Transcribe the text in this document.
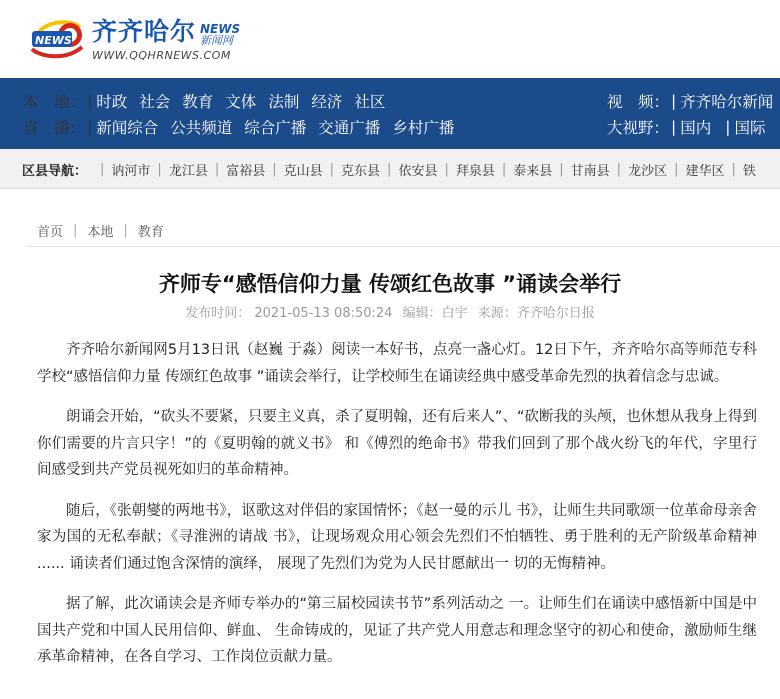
NEWS 齐齐哈尔 NEWS
新闻网
WWW.QQHRNEWS.COM
本　地： | 时政 社会 教育 文体 法制 经济 社区
直　播： | 新闻综合 公共频道 综合广播 交通广播 乡村广播
视　频： | 齐齐哈尔新闻
大视野： | 国内 | 国际
区县导航： | 讷河市 | 龙江县 | 富裕县 | 克山县 | 克东县 | 依安县 | 拜泉县 | 泰来县 | 甘南县 | 龙沙区 | 建华区 | 铁
首页 | 本地 | 教育
齐师专“感悟信仰力量 传颂红色故事 ”诵读会举行
发布时间： 2021-05-13 08:50:24 编辑：白宇 来源：齐齐哈尔日报

齐齐哈尔新闻网5月13日讯（赵巍 于淼）阅读一本好书，点亮一盏心灯。12日下午，齐齐哈尔高等师范专科学校“感悟信仰力量 传颂红色故事 ”诵读会举行，让学校师生在诵读经典中感受革命先烈的执着信念与忠诚。

朗诵会开始，“砍头不要紧，只要主义真，杀了夏明翰，还有后来人”、“砍断我的头颅，也休想从我身上得到你们需要的片言只字！”的《夏明翰的就义书》 和《傅烈的绝命书》带我们回到了那个战火纷飞的年代，字里行间感受到共产党员视死如归的革命精神。

随后，《张朝燮的两地书》，讴歌这对伴侣的家国情怀；《赵一曼的示儿 书》，让师生共同歌颂一位革命母亲舍家为国的无私奉献；《寻淮洲的请战 书》，让现场观众用心领会先烈们不怕牺牲、勇于胜利的无产阶级革命精神 ...... 诵读者们通过饱含深情的演绎， 展现了先烈们为党为人民甘愿献出一 切的无悔精神。

据了解，此次诵读会是齐师专举办的“第三届校园读书节”系列活动之 一。让师生们在诵读中感悟新中国是中国共产党和中国人民用信仰、鲜血、 生命铸成的，见证了共产党人用意志和理念坚守的初心和使命，激励师生继承革命精神，在各自学习、工作岗位贡献力量。
